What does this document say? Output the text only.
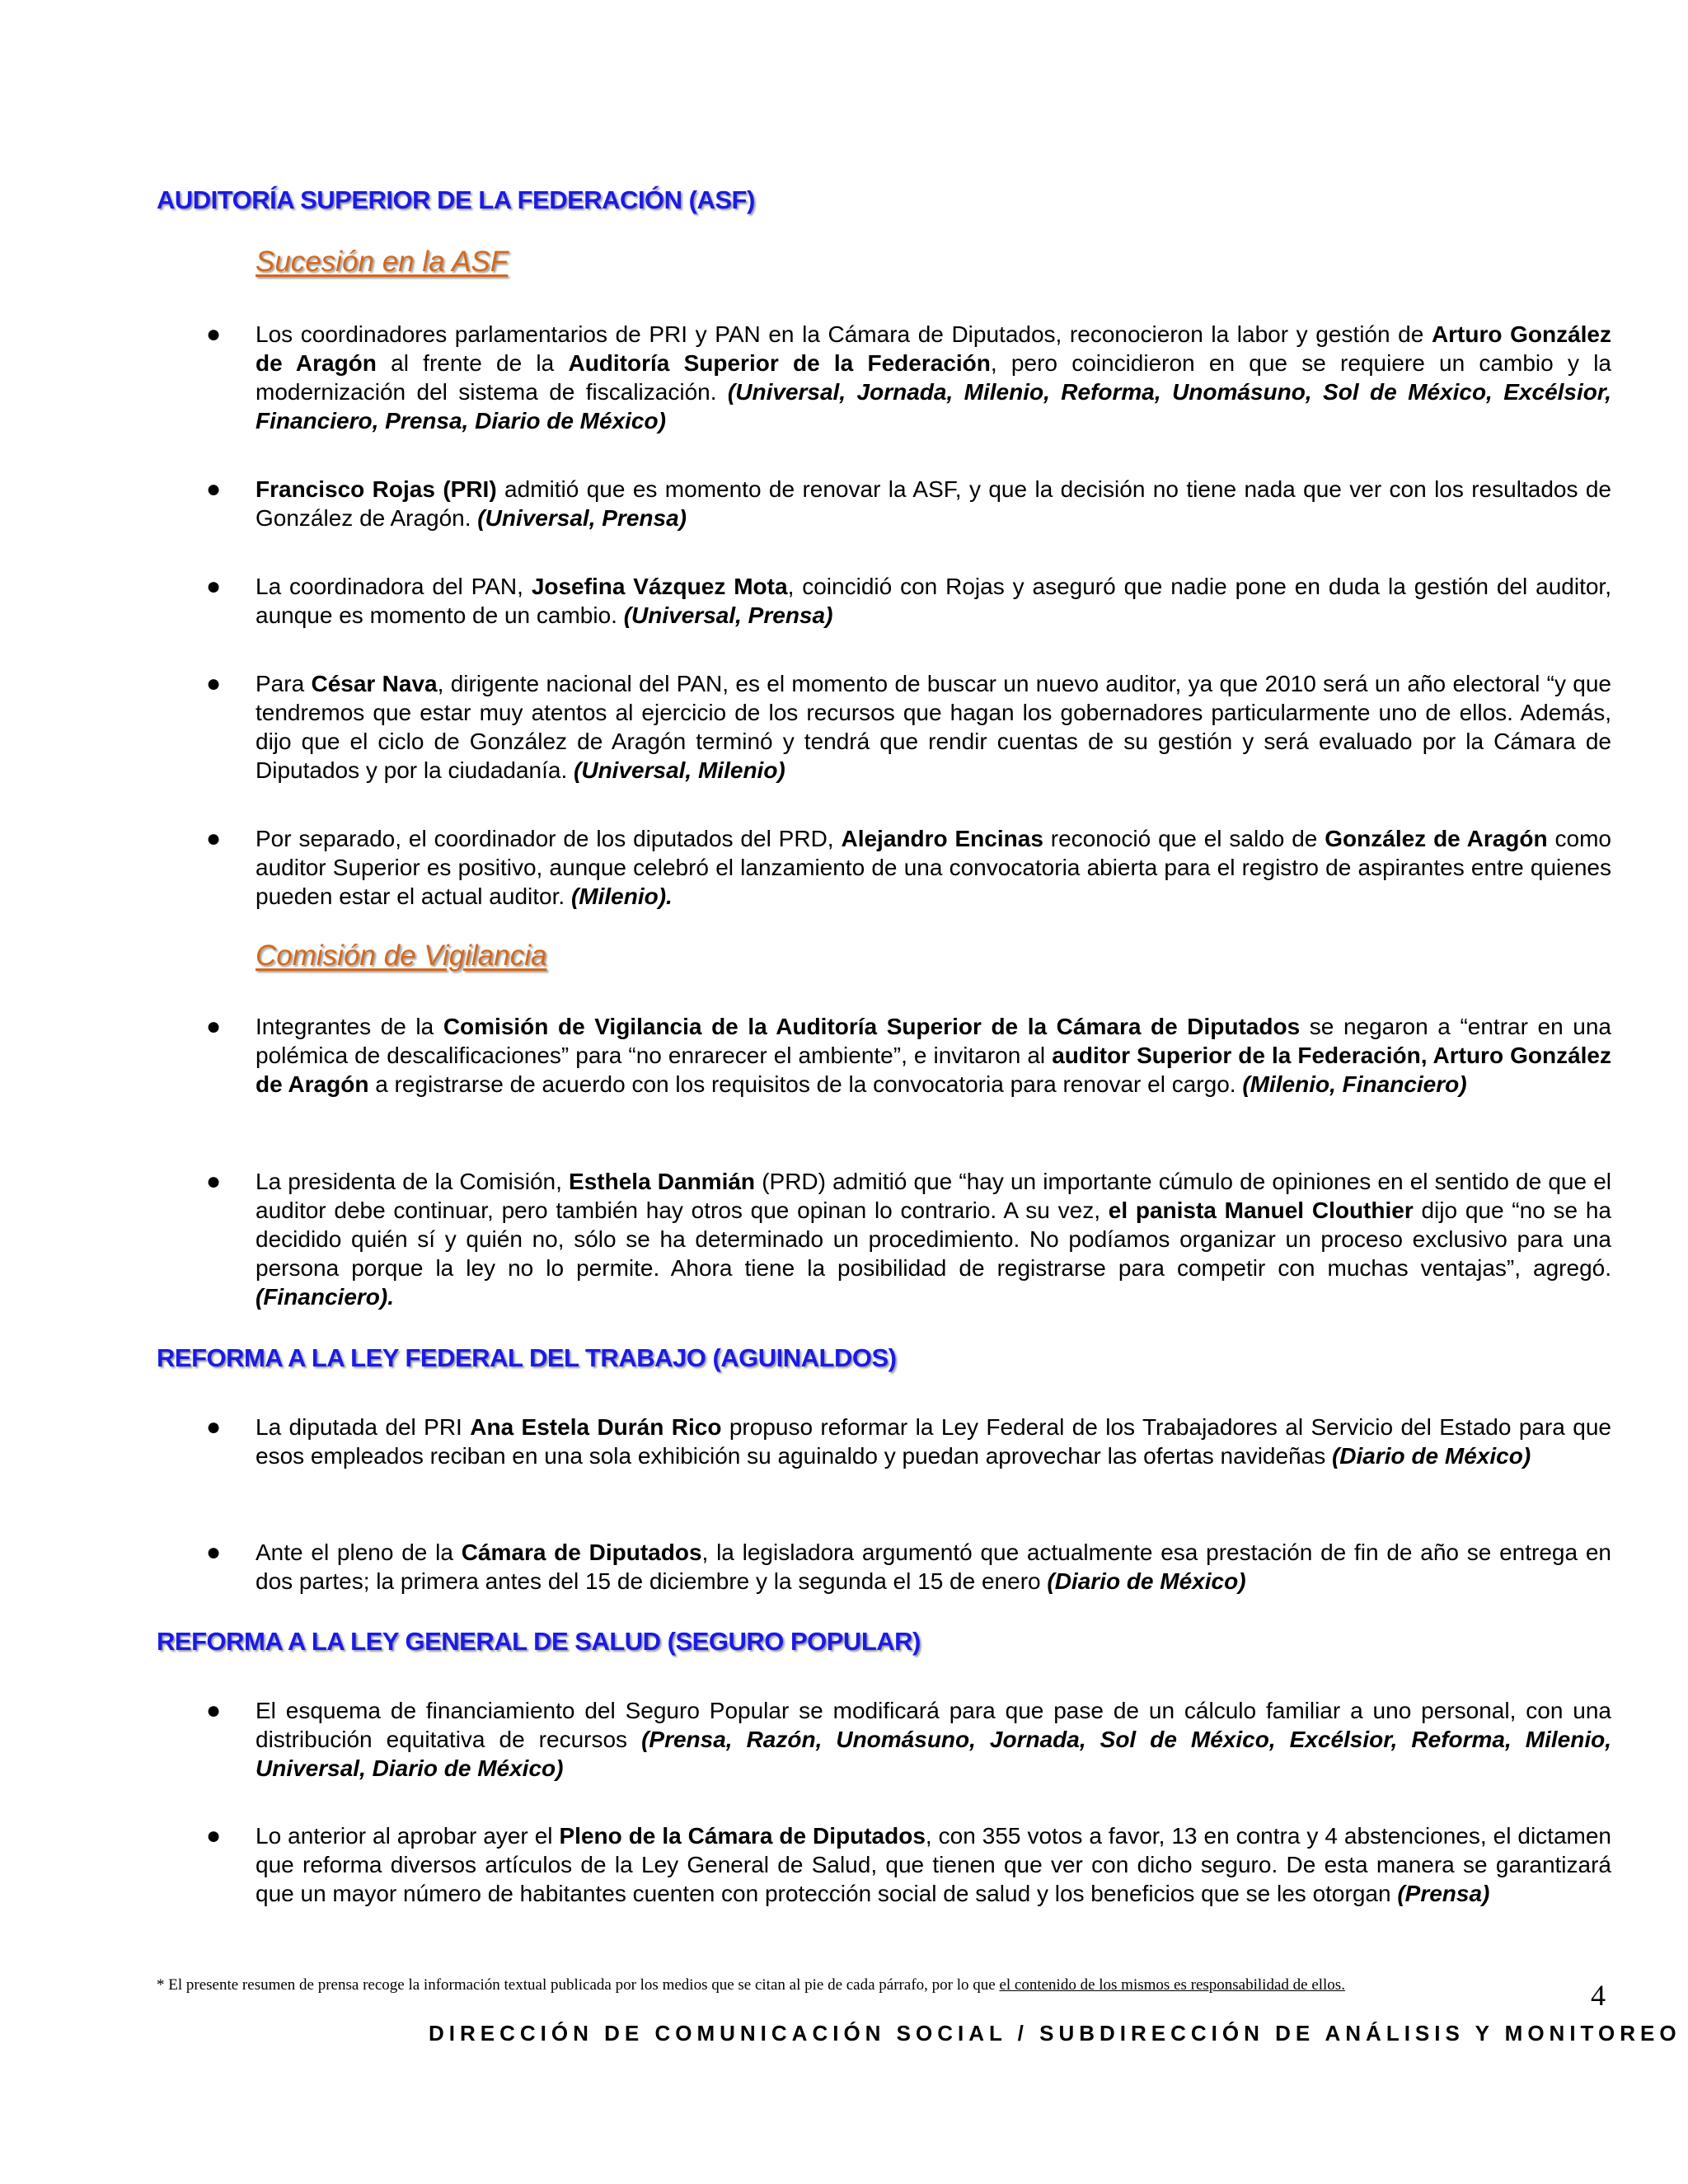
AUDITORÍA SUPERIOR DE LA FEDERACIÓN (ASF)
Sucesión en la ASF
● Los coordinadores parlamentarios de PRI y PAN en la Cámara de Diputados, reconocieron la labor y gestión de Arturo González de Aragón al frente de la Auditoría Superior de la Federación, pero coincidieron en que se requiere un cambio y la modernización del sistema de fiscalización. (Universal, Jornada, Milenio, Reforma, Unomásuno, Sol de México, Excélsior, Financiero, Prensa, Diario de México)
● Francisco Rojas (PRI) admitió que es momento de renovar la ASF, y que la decisión no tiene nada que ver con los resultados de González de Aragón. (Universal, Prensa)
● La coordinadora del PAN, Josefina Vázquez Mota, coincidió con Rojas y aseguró que nadie pone en duda la gestión del auditor, aunque es momento de un cambio. (Universal, Prensa)
● Para César Nava, dirigente nacional del PAN, es el momento de buscar un nuevo auditor, ya que 2010 será un año electoral “y que tendremos que estar muy atentos al ejercicio de los recursos que hagan los gobernadores particularmente uno de ellos. Además, dijo que el ciclo de González de Aragón terminó y tendrá que rendir cuentas de su gestión y será evaluado por la Cámara de Diputados y por la ciudadanía. (Universal, Milenio)
● Por separado, el coordinador de los diputados del PRD, Alejandro Encinas reconoció que el saldo de González de Aragón como auditor Superior es positivo, aunque celebró el lanzamiento de una convocatoria abierta para el registro de aspirantes entre quienes pueden estar el actual auditor. (Milenio).
Comisión de Vigilancia
● Integrantes de la Comisión de Vigilancia de la Auditoría Superior de la Cámara de Diputados se negaron a “entrar en una polémica de descalificaciones” para “no enrarecer el ambiente”, e invitaron al auditor Superior de la Federación, Arturo González de Aragón a registrarse de acuerdo con los requisitos de la convocatoria para renovar el cargo. (Milenio, Financiero)
● La presidenta de la Comisión, Esthela Danmián (PRD) admitió que “hay un importante cúmulo de opiniones en el sentido de que el auditor debe continuar, pero también hay otros que opinan lo contrario. A su vez, el panista Manuel Clouthier dijo que “no se ha decidido quién sí y quién no, sólo se ha determinado un procedimiento. No podíamos organizar un proceso exclusivo para una persona porque la ley no lo permite. Ahora tiene la posibilidad de registrarse para competir con muchas ventajas”, agregó. (Financiero).
REFORMA A LA LEY FEDERAL DEL TRABAJO (AGUINALDOS)
● La diputada del PRI Ana Estela Durán Rico propuso reformar la Ley Federal de los Trabajadores al Servicio del Estado para que esos empleados reciban en una sola exhibición su aguinaldo y puedan aprovechar las ofertas navideñas (Diario de México)
● Ante el pleno de la Cámara de Diputados, la legisladora argumentó que actualmente esa prestación de fin de año se entrega en dos partes; la primera antes del 15 de diciembre y la segunda el 15 de enero (Diario de México)
REFORMA A LA LEY GENERAL DE SALUD (SEGURO POPULAR)
● El esquema de financiamiento del Seguro Popular se modificará para que pase de un cálculo familiar a uno personal, con una distribución equitativa de recursos (Prensa, Razón, Unomásuno, Jornada, Sol de México, Excélsior, Reforma, Milenio, Universal, Diario de México)
● Lo anterior al aprobar ayer el Pleno de la Cámara de Diputados, con 355 votos a favor, 13 en contra y 4 abstenciones, el dictamen que reforma diversos artículos de la Ley General de Salud, que tienen que ver con dicho seguro. De esta manera se garantizará que un mayor número de habitantes cuenten con protección social de salud y los beneficios que se les otorgan (Prensa)
* El presente resumen de prensa recoge la información textual publicada por los medios que se citan al pie de cada párrafo, por lo que el contenido de los mismos es responsabilidad de ellos.	4
DIRECCIÓN DE COMUNICACIÓN SOCIAL / SUBDIRECCIÓN DE ANÁLISIS Y MONITOREO
